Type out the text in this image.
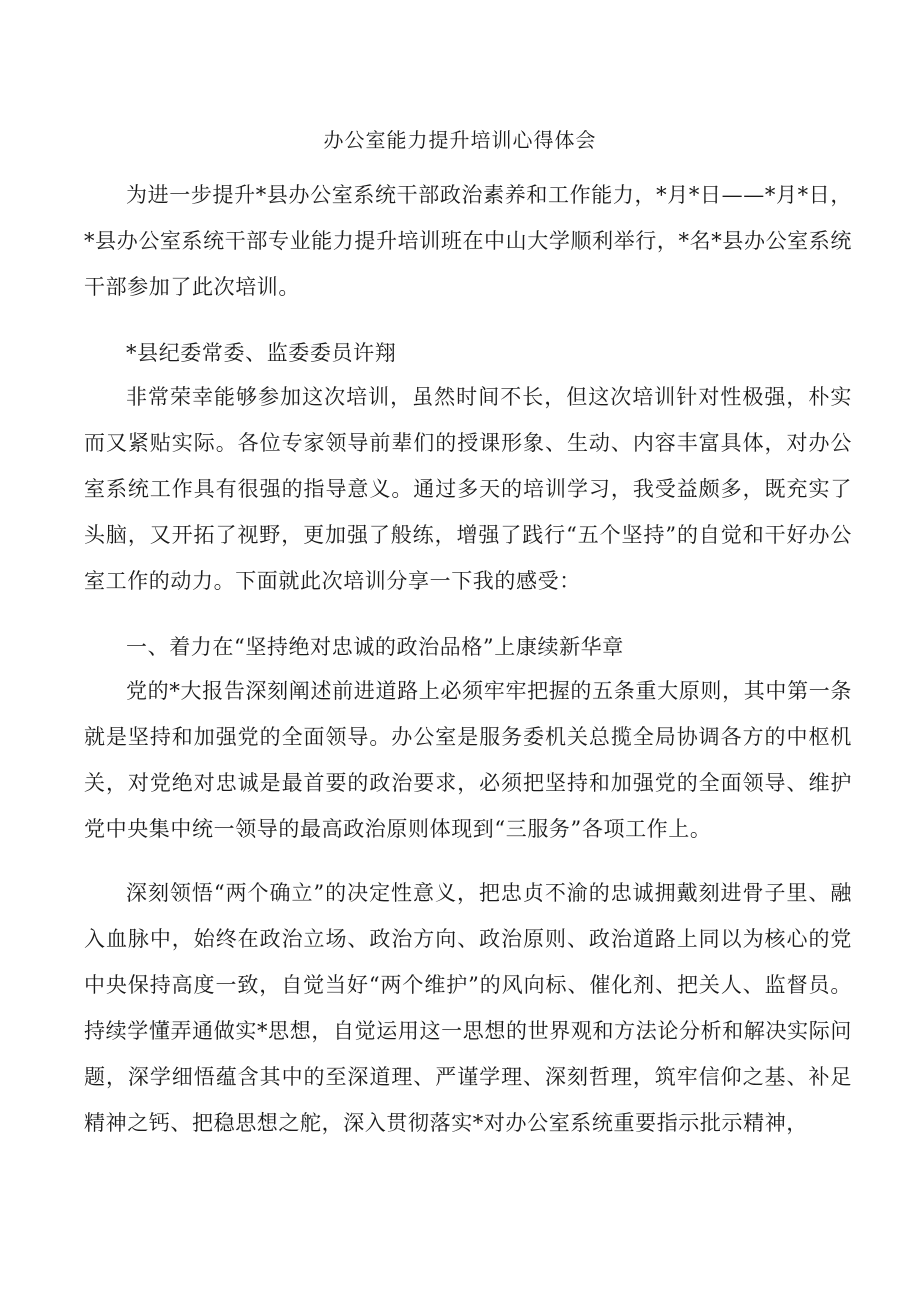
办公室能力提升培训心得体会

为进一步提升*县办公室系统干部政治素养和工作能力，*月*日——*月*日，*县办公室系统干部专业能力提升培训班在中山大学顺利举行，*名*县办公室系统干部参加了此次培训。

*县纪委常委、监委委员许翔

非常荣幸能够参加这次培训，虽然时间不长，但这次培训针对性极强，朴实而又紧贴实际。各位专家领导前辈们的授课形象、生动、内容丰富具体，对办公室系统工作具有很强的指导意义。通过多天的培训学习，我受益颇多，既充实了头脑，又开拓了视野，更加强了般练，增强了践行“五个坚持”的自觉和干好办公室工作的动力。下面就此次培训分享一下我的感受：

一、着力在“坚持绝对忠诚的政治品格”上康续新华章

党的*大报告深刻阐述前进道路上必须牢牢把握的五条重大原则，其中第一条就是坚持和加强党的全面领导。办公室是服务委机关总揽全局协调各方的中枢机关，对党绝对忠诚是最首要的政治要求，必须把坚持和加强党的全面领导、维护党中央集中统一领导的最高政治原则体现到“三服务”各项工作上。

深刻领悟“两个确立”的决定性意义，把忠贞不渝的忠诚拥戴刻进骨子里、融入血脉中，始终在政治立场、政治方向、政治原则、政治道路上同以为核心的党中央保持高度一致，自觉当好“两个维护”的风向标、催化剂、把关人、监督员。持续学懂弄通做实*思想，自觉运用这一思想的世界观和方法论分析和解决实际问题，深学细悟蕴含其中的至深道理、严谨学理、深刻哲理，筑牢信仰之基、补足精神之钙、把稳思想之舵，深入贯彻落实*对办公室系统重要指示批示精神，
